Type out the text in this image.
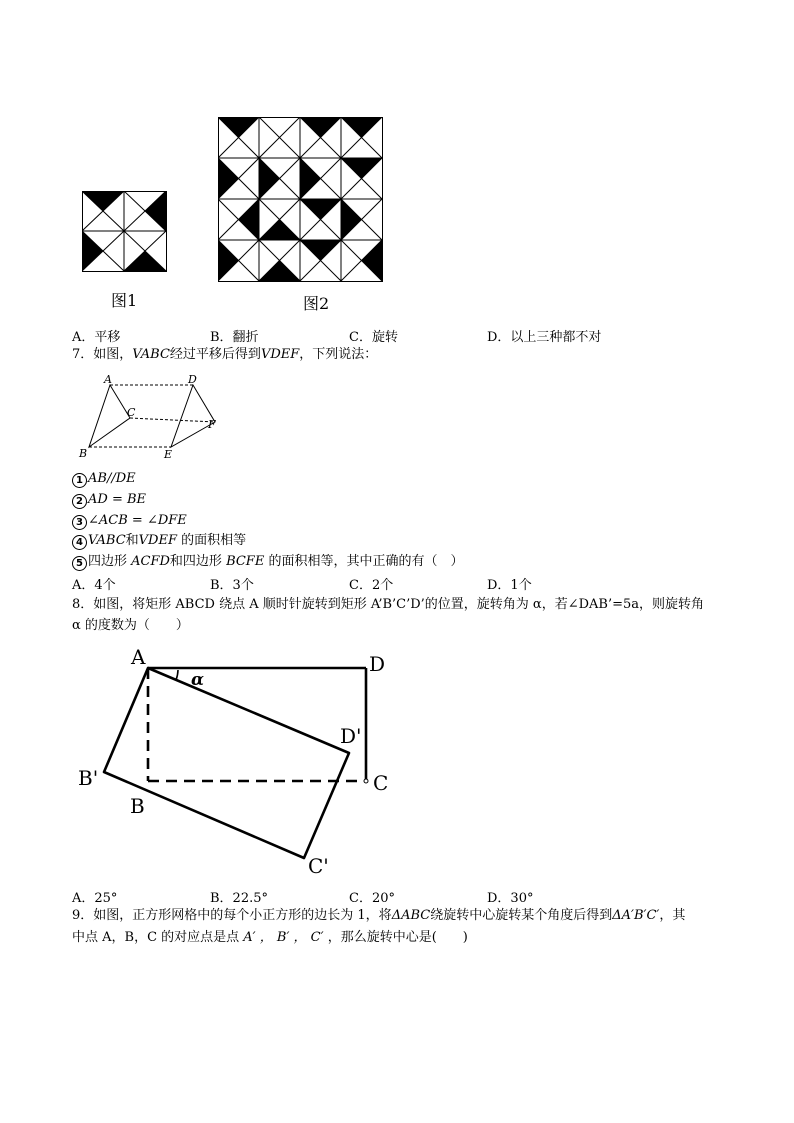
图1	图2
A．平移	B．翻折	C．旋转	D．以上三种都不对
7．如图，VABC经过平移后得到VDEF，下列说法：
A	D
C
F
B	E
1 AB//DE
2 AD = BE
3 ∠ACB = ∠DFE
4 VABC和VDEF 的面积相等
5 四边形 ACFD和四边形 BCFE 的面积相等，其中正确的有（　）
A．4个	B．3个	C．2个	D．1个
8．如图，将矩形 ABCD 绕点 A 顺时针旋转到矩形 A’B’C’D’的位置，旋转角为 α，若∠DAB’=5a，则旋转角
α 的度数为（　　）
A	D
D'
B'	C
B
C'
α
A．25°	B．22.5°	C．20°	D．30°
9．如图，正方形网格中的每个小正方形的边长为 1，将ΔABC绕旋转中心旋转某个角度后得到ΔA′B′C′，其
中点 A，B，C 的对应点是点 A′ ， B′ ， C′ ，那么旋转中心是(　　)
